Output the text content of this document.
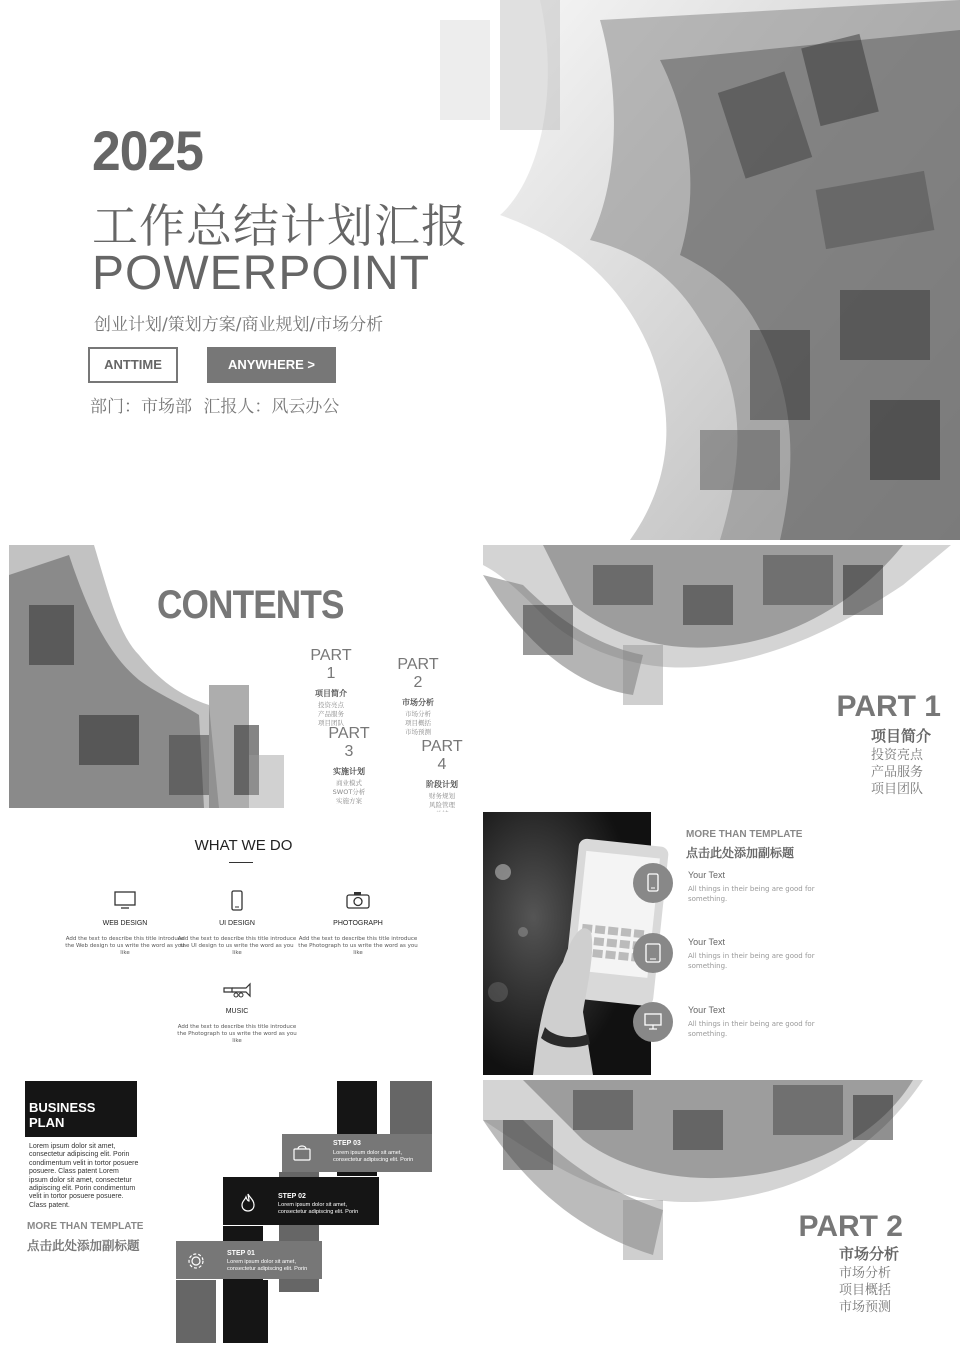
2025
工作总结计划汇报
POWERPOINT
创业计划/策划方案/商业规划/市场分析
ANTTIME	ANYWHERE >
部门：市场部 汇报人：风云办公
CONTENTS
PART 1
项目简介
投资亮点
产品服务
项目团队
PART 2
市场分析
市场分析
项目概括
市场预测
PART 3
实施计划
商业模式
SWOT分析
实施方案
PART 4
阶段计划
财务规划
风险管理
PART 1
项目简介
投资亮点
产品服务
项目团队
WHAT WE DO
WEB DESIGN
Add the text to describe this title introduce the Web design to us write the word as you like
UI DESIGN
Add the text to describe this title introduce the UI design to us write the word as you like
PHOTOGRAPH
Add the text to describe this title introduce the Photograph to us write the word as you like
MUSIC
Add the text to describe this title introduce the Photograph to us write the word as you like
MORE THAN TEMPLATE
点击此处添加副标题
Your Text
All things in their being are good for something.
Your Text
All things in their being are good for something.
Your Text
All things in their being are good for something.
BUSINESS
PLAN
Lorem ipsum dolor sit amet, consectetur adipiscing elit. Porin condimentum velit in tortor posuere posuere. Class patent Lorem ipsum dolor sit amet, consectetur adipiscing elit. Porin condimentum velit in tortor posuere posuere. Class patent.
MORE THAN TEMPLATE
点击此处添加副标题
STEP 03
Lorem ipsum dolor sit amet, consectetur adipiscing elit. Porin
STEP 02
Lorem ipsum dolor sit amet, consectetur adipiscing elit. Porin
STEP 01
Lorem ipsum dolor sit amet, consectetur adipiscing elit. Porin
PART 2
市场分析
市场分析
项目概括
市场预测
